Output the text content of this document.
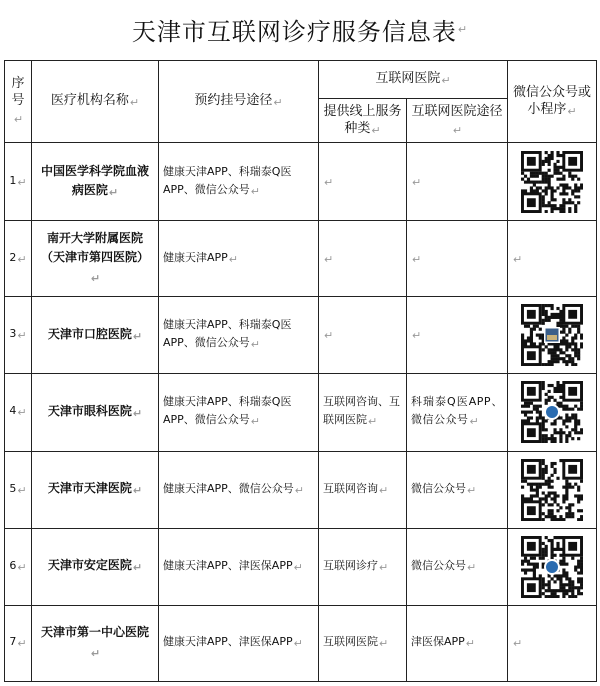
天津市互联网诊疗服务信息表 ↵
序号↵	医疗机构名称↵	预约挂号途径↵	互联网医院↵		微信公众号或小程序↵
			提供线上服务种类↵	互联网医院途径↵	
1↵	中国医学科学院血液病医院↵	健康天津APP、科瑞泰Q医APP、微信公众号↵	↵	↵	
2↵	南开大学附属医院（天津市第四医院）↵	健康天津APP↵	↵	↵	↵
3↵	天津市口腔医院↵	健康天津APP、科瑞泰Q医APP、微信公众号↵	↵	↵	
4↵	天津市眼科医院↵	健康天津APP、科瑞泰Q医APP、微信公众号↵	互联网咨询、互联网医院↵	科瑞泰Q医APP、微信公众号↵	
5↵	天津市天津医院↵	健康天津APP、微信公众号↵	互联网咨询↵	微信公众号↵	
6↵	天津市安定医院↵	健康天津APP、津医保APP↵	互联网诊疗↵	微信公众号↵	
7↵	天津市第一中心医院↵	健康天津APP、津医保APP↵	互联网医院↵	津医保APP↵	↵
